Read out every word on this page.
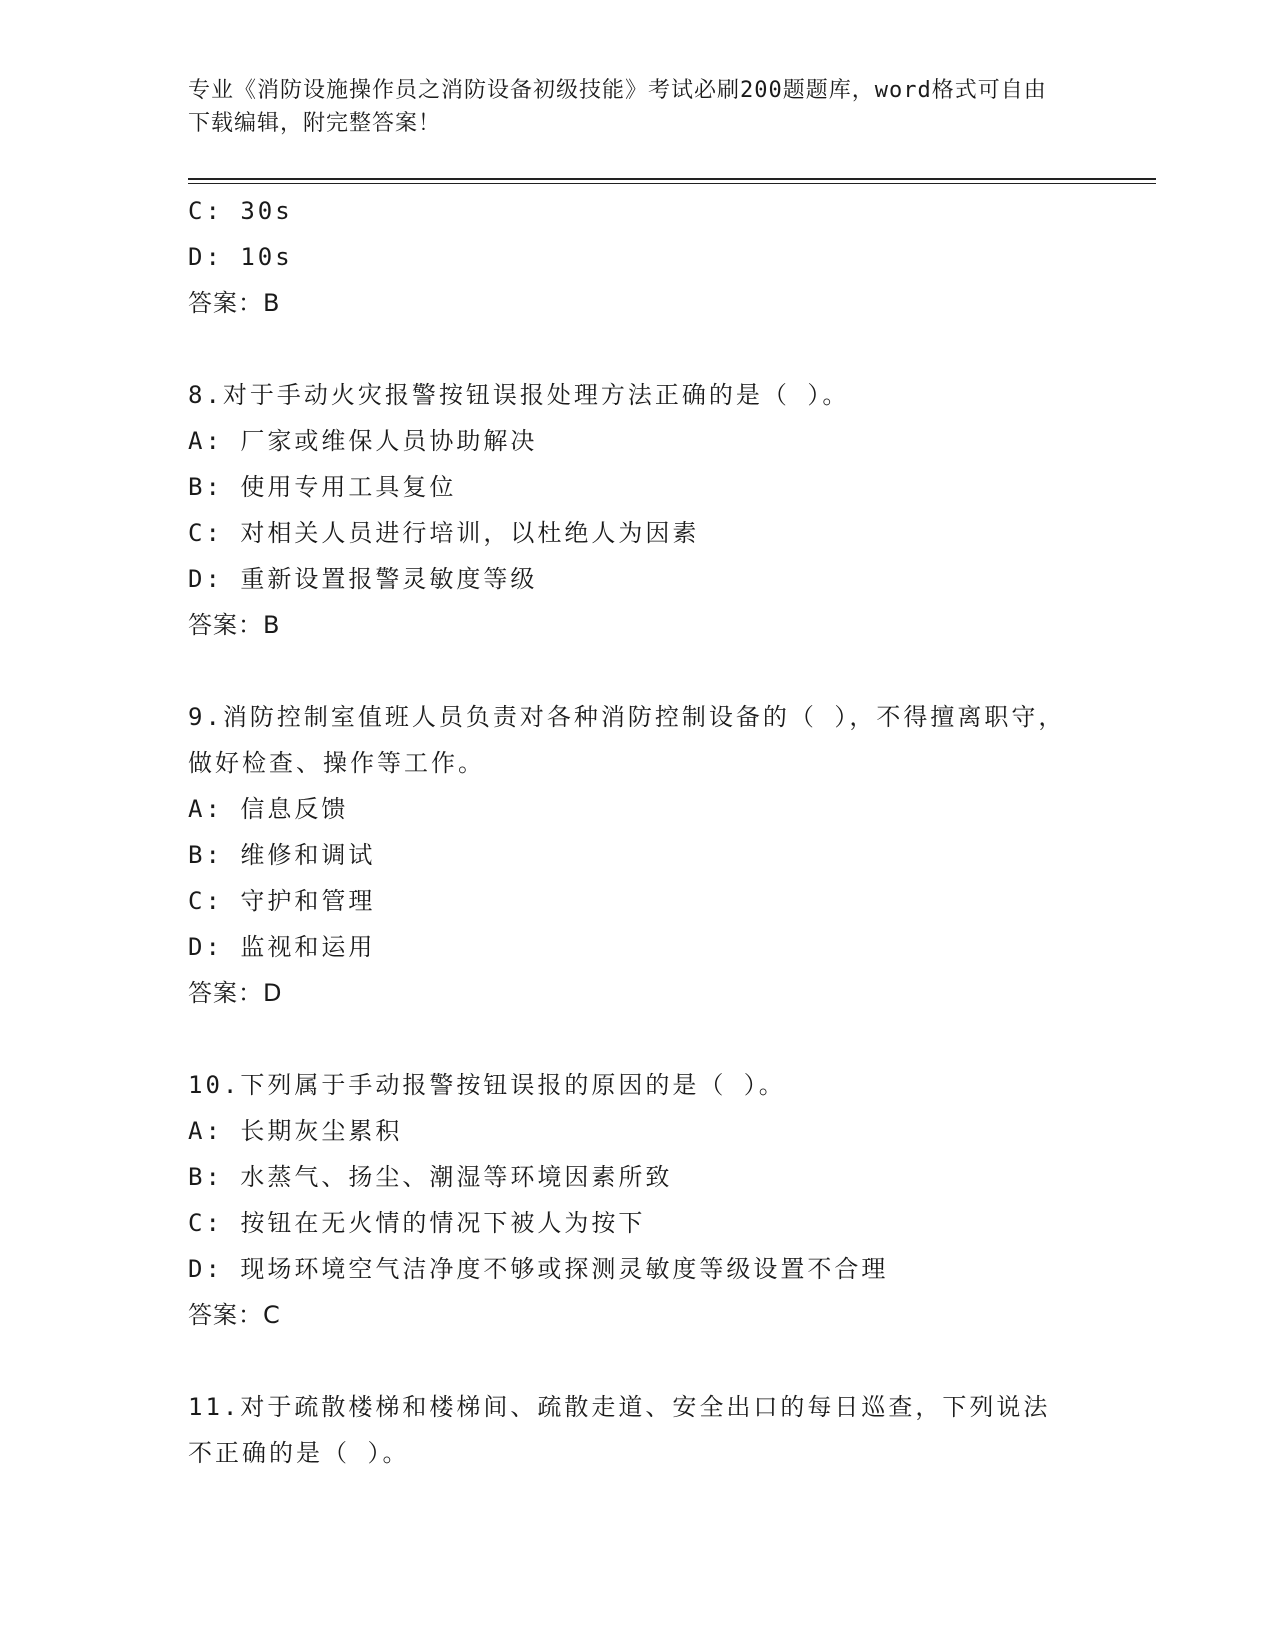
专业《消防设施操作员之消防设备初级技能》考试必刷200题题库，word格式可自由下载编辑，附完整答案！
C: 30s
D: 10s
答案：B
8.对于手动火灾报警按钮误报处理方法正确的是（ ）。
A: 厂家或维保人员协助解决
B: 使用专用工具复位
C: 对相关人员进行培训，以杜绝人为因素
D: 重新设置报警灵敏度等级
答案：B
9.消防控制室值班人员负责对各种消防控制设备的（ ），不得擅离职守，做好检查、操作等工作。
A: 信息反馈
B: 维修和调试
C: 守护和管理
D: 监视和运用
答案：D
10.下列属于手动报警按钮误报的原因的是（ ）。
A: 长期灰尘累积
B: 水蒸气、扬尘、潮湿等环境因素所致
C: 按钮在无火情的情况下被人为按下
D: 现场环境空气洁净度不够或探测灵敏度等级设置不合理
答案：C
11.对于疏散楼梯和楼梯间、疏散走道、安全出口的每日巡查，下列说法不正确的是（ ）。
